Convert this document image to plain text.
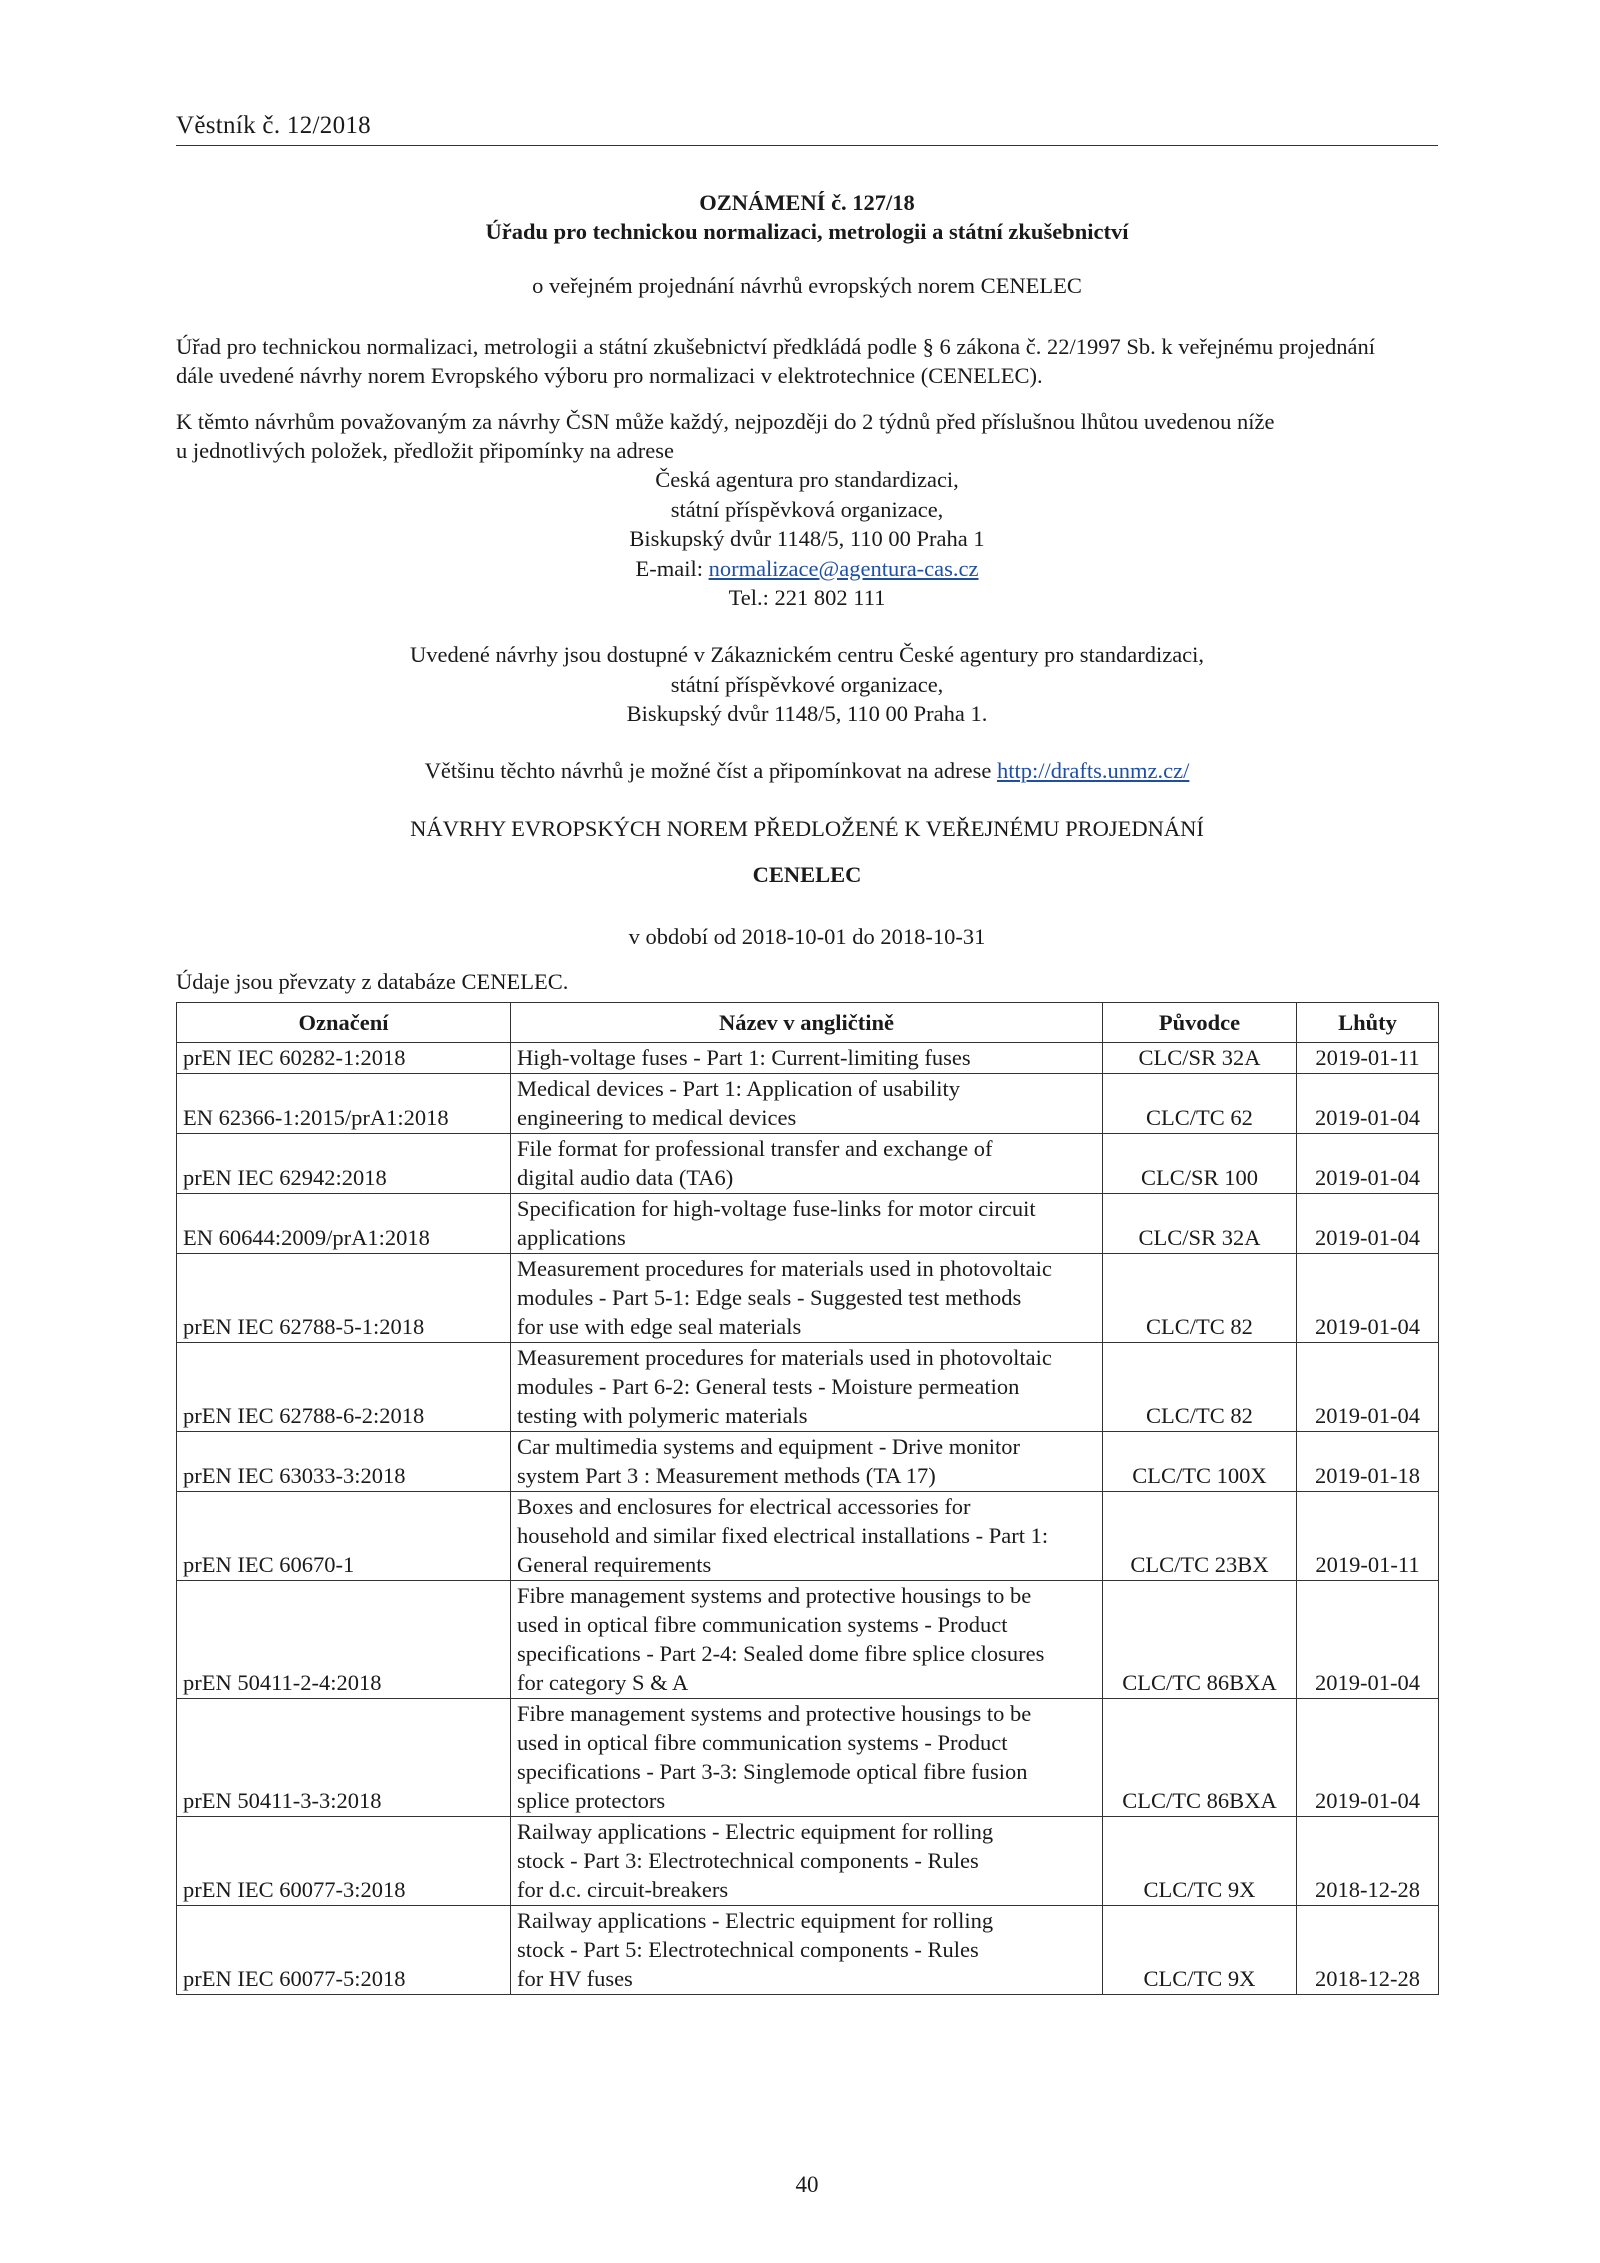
Věstník č. 12/2018
OZNÁMENÍ č. 127/18
Úřadu pro technickou normalizaci, metrologii a státní zkušebnictví
o veřejném projednání návrhů evropských norem CENELEC
Úřad pro technickou normalizaci, metrologii a státní zkušebnictví předkládá podle § 6 zákona č. 22/1997 Sb. k veřejnému projednání
dále uvedené návrhy norem Evropského výboru pro normalizaci v elektrotechnice (CENELEC).
K těmto návrhům považovaným za návrhy ČSN může každý, nejpozději do 2 týdnů před příslušnou lhůtou uvedenou níže
u jednotlivých položek, předložit připomínky na adrese
Česká agentura pro standardizaci,
státní příspěvková organizace,
Biskupský dvůr 1148/5, 110 00 Praha 1
E-mail: normalizace@agentura-cas.cz
Tel.: 221 802 111
Uvedené návrhy jsou dostupné v Zákaznickém centru České agentury pro standardizaci,
státní příspěvkové organizace,
Biskupský dvůr 1148/5, 110 00 Praha 1.
Většinu těchto návrhů je možné číst a připomínkovat na adrese http://drafts.unmz.cz/
NÁVRHY EVROPSKÝCH NOREM PŘEDLOŽENÉ K VEŘEJNÉMU PROJEDNÁNÍ
CENELEC
v období od 2018-10-01 do 2018-10-31
Údaje jsou převzaty z databáze CENELEC.
Označení	Název v angličtině	Původce	Lhůty
prEN IEC 60282-1:2018	High-voltage fuses - Part 1: Current-limiting fuses	CLC/SR 32A	2019-01-11
EN 62366-1:2015/prA1:2018	Medical devices - Part 1: Application of usability
engineering to medical devices	CLC/TC 62	2019-01-04
prEN IEC 62942:2018	File format for professional transfer and exchange of
digital audio data (TA6)	CLC/SR 100	2019-01-04
EN 60644:2009/prA1:2018	Specification for high-voltage fuse-links for motor circuit
applications	CLC/SR 32A	2019-01-04
prEN IEC 62788-5-1:2018	Measurement procedures for materials used in photovoltaic
modules - Part 5-1: Edge seals - Suggested test methods
for use with edge seal materials	CLC/TC 82	2019-01-04
prEN IEC 62788-6-2:2018	Measurement procedures for materials used in photovoltaic
modules - Part 6-2: General tests - Moisture permeation
testing with polymeric materials	CLC/TC 82	2019-01-04
prEN IEC 63033-3:2018	Car multimedia systems and equipment - Drive monitor
system Part 3 : Measurement methods (TA 17)	CLC/TC 100X	2019-01-18
prEN IEC 60670-1	Boxes and enclosures for electrical accessories for
household and similar fixed electrical installations - Part 1:
General requirements	CLC/TC 23BX	2019-01-11
prEN 50411-2-4:2018	Fibre management systems and protective housings to be
used in optical fibre communication systems - Product
specifications - Part 2-4: Sealed dome fibre splice closures
for category S & A	CLC/TC 86BXA	2019-01-04
prEN 50411-3-3:2018	Fibre management systems and protective housings to be
used in optical fibre communication systems - Product
specifications - Part 3-3: Singlemode optical fibre fusion
splice protectors	CLC/TC 86BXA	2019-01-04
prEN IEC 60077-3:2018	Railway applications - Electric equipment for rolling
stock - Part 3: Electrotechnical components - Rules
for d.c. circuit-breakers	CLC/TC 9X	2018-12-28
prEN IEC 60077-5:2018	Railway applications - Electric equipment for rolling
stock - Part 5: Electrotechnical components - Rules
for HV fuses	CLC/TC 9X	2018-12-28
40
